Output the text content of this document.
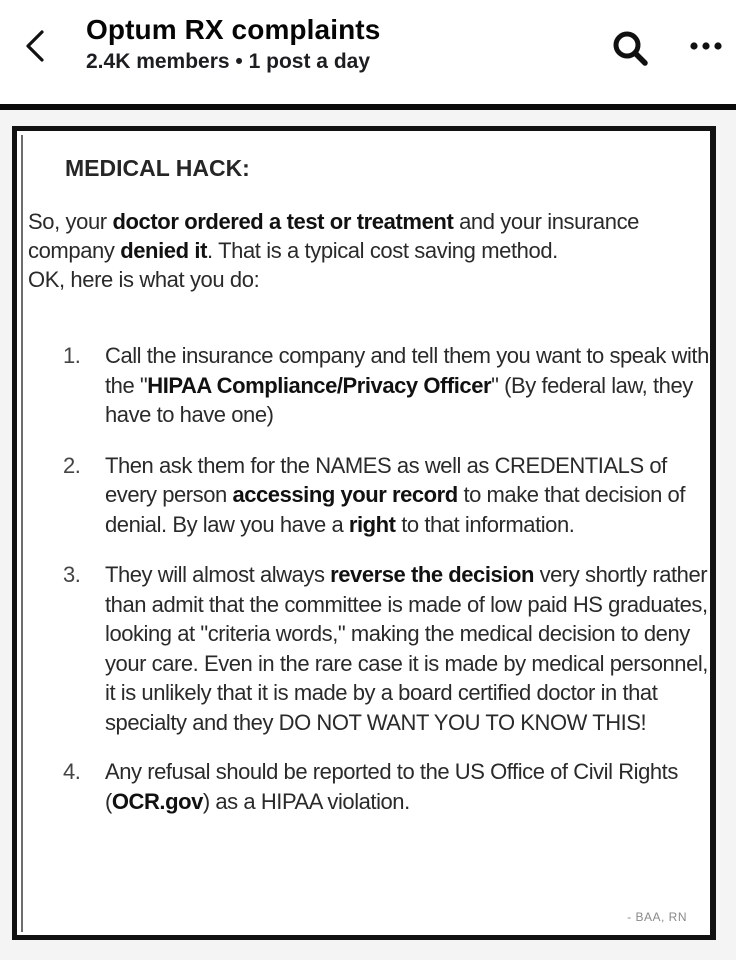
Optum RX complaints
2.4K members • 1 post a day
MEDICAL HACK:
So, your doctor ordered a test or treatment and your insurance company denied it. That is a typical cost saving method.
OK, here is what you do:
1. Call the insurance company and tell them you want to speak with the "HIPAA Compliance/Privacy Officer" (By federal law, they have to have one)
2. Then ask them for the NAMES as well as CREDENTIALS of every person accessing your record to make that decision of denial. By law you have a right to that information.
3. They will almost always reverse the decision very shortly rather than admit that the committee is made of low paid HS graduates, looking at "criteria words," making the medical decision to deny your care. Even in the rare case it is made by medical personnel, it is unlikely that it is made by a board certified doctor in that specialty and they DO NOT WANT YOU TO KNOW THIS!
4. Any refusal should be reported to the US Office of Civil Rights (OCR.gov) as a HIPAA violation.
- BAA, RN
